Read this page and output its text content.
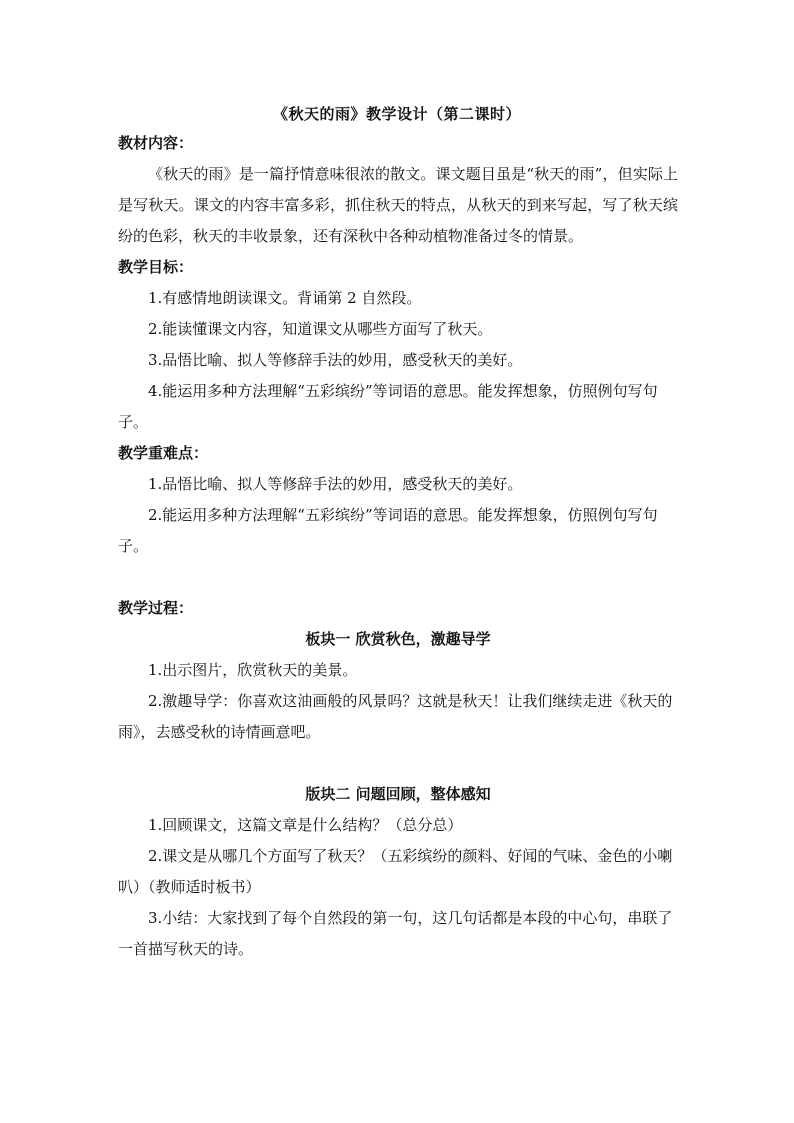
《秋天的雨》教学设计（第二课时）

教材内容：

《秋天的雨》是一篇抒情意味很浓的散文。课文题目虽是“秋天的雨”，但实际上是写秋天。课文的内容丰富多彩，抓住秋天的特点，从秋天的到来写起，写了秋天缤纷的色彩，秋天的丰收景象，还有深秋中各种动植物准备过冬的情景。

教学目标：

1.有感情地朗读课文。背诵第 2 自然段。

2.能读懂课文内容，知道课文从哪些方面写了秋天。

3.品悟比喻、拟人等修辞手法的妙用，感受秋天的美好。

4.能运用多种方法理解“五彩缤纷”等词语的意思。能发挥想象，仿照例句写句子。

教学重难点：

1.品悟比喻、拟人等修辞手法的妙用，感受秋天的美好。

2.能运用多种方法理解“五彩缤纷”等词语的意思。能发挥想象，仿照例句写句子。

教学过程：

板块一 欣赏秋色，激趣导学

1.出示图片，欣赏秋天的美景。

2.激趣导学：你喜欢这油画般的风景吗？这就是秋天！让我们继续走进《秋天的雨》，去感受秋的诗情画意吧。

版块二 问题回顾，整体感知

1.回顾课文，这篇文章是什么结构？（总分总）

2.课文是从哪几个方面写了秋天？（五彩缤纷的颜料、好闻的气味、金色的小喇叭）（教师适时板书）

3.小结：大家找到了每个自然段的第一句，这几句话都是本段的中心句，串联了一首描写秋天的诗。
